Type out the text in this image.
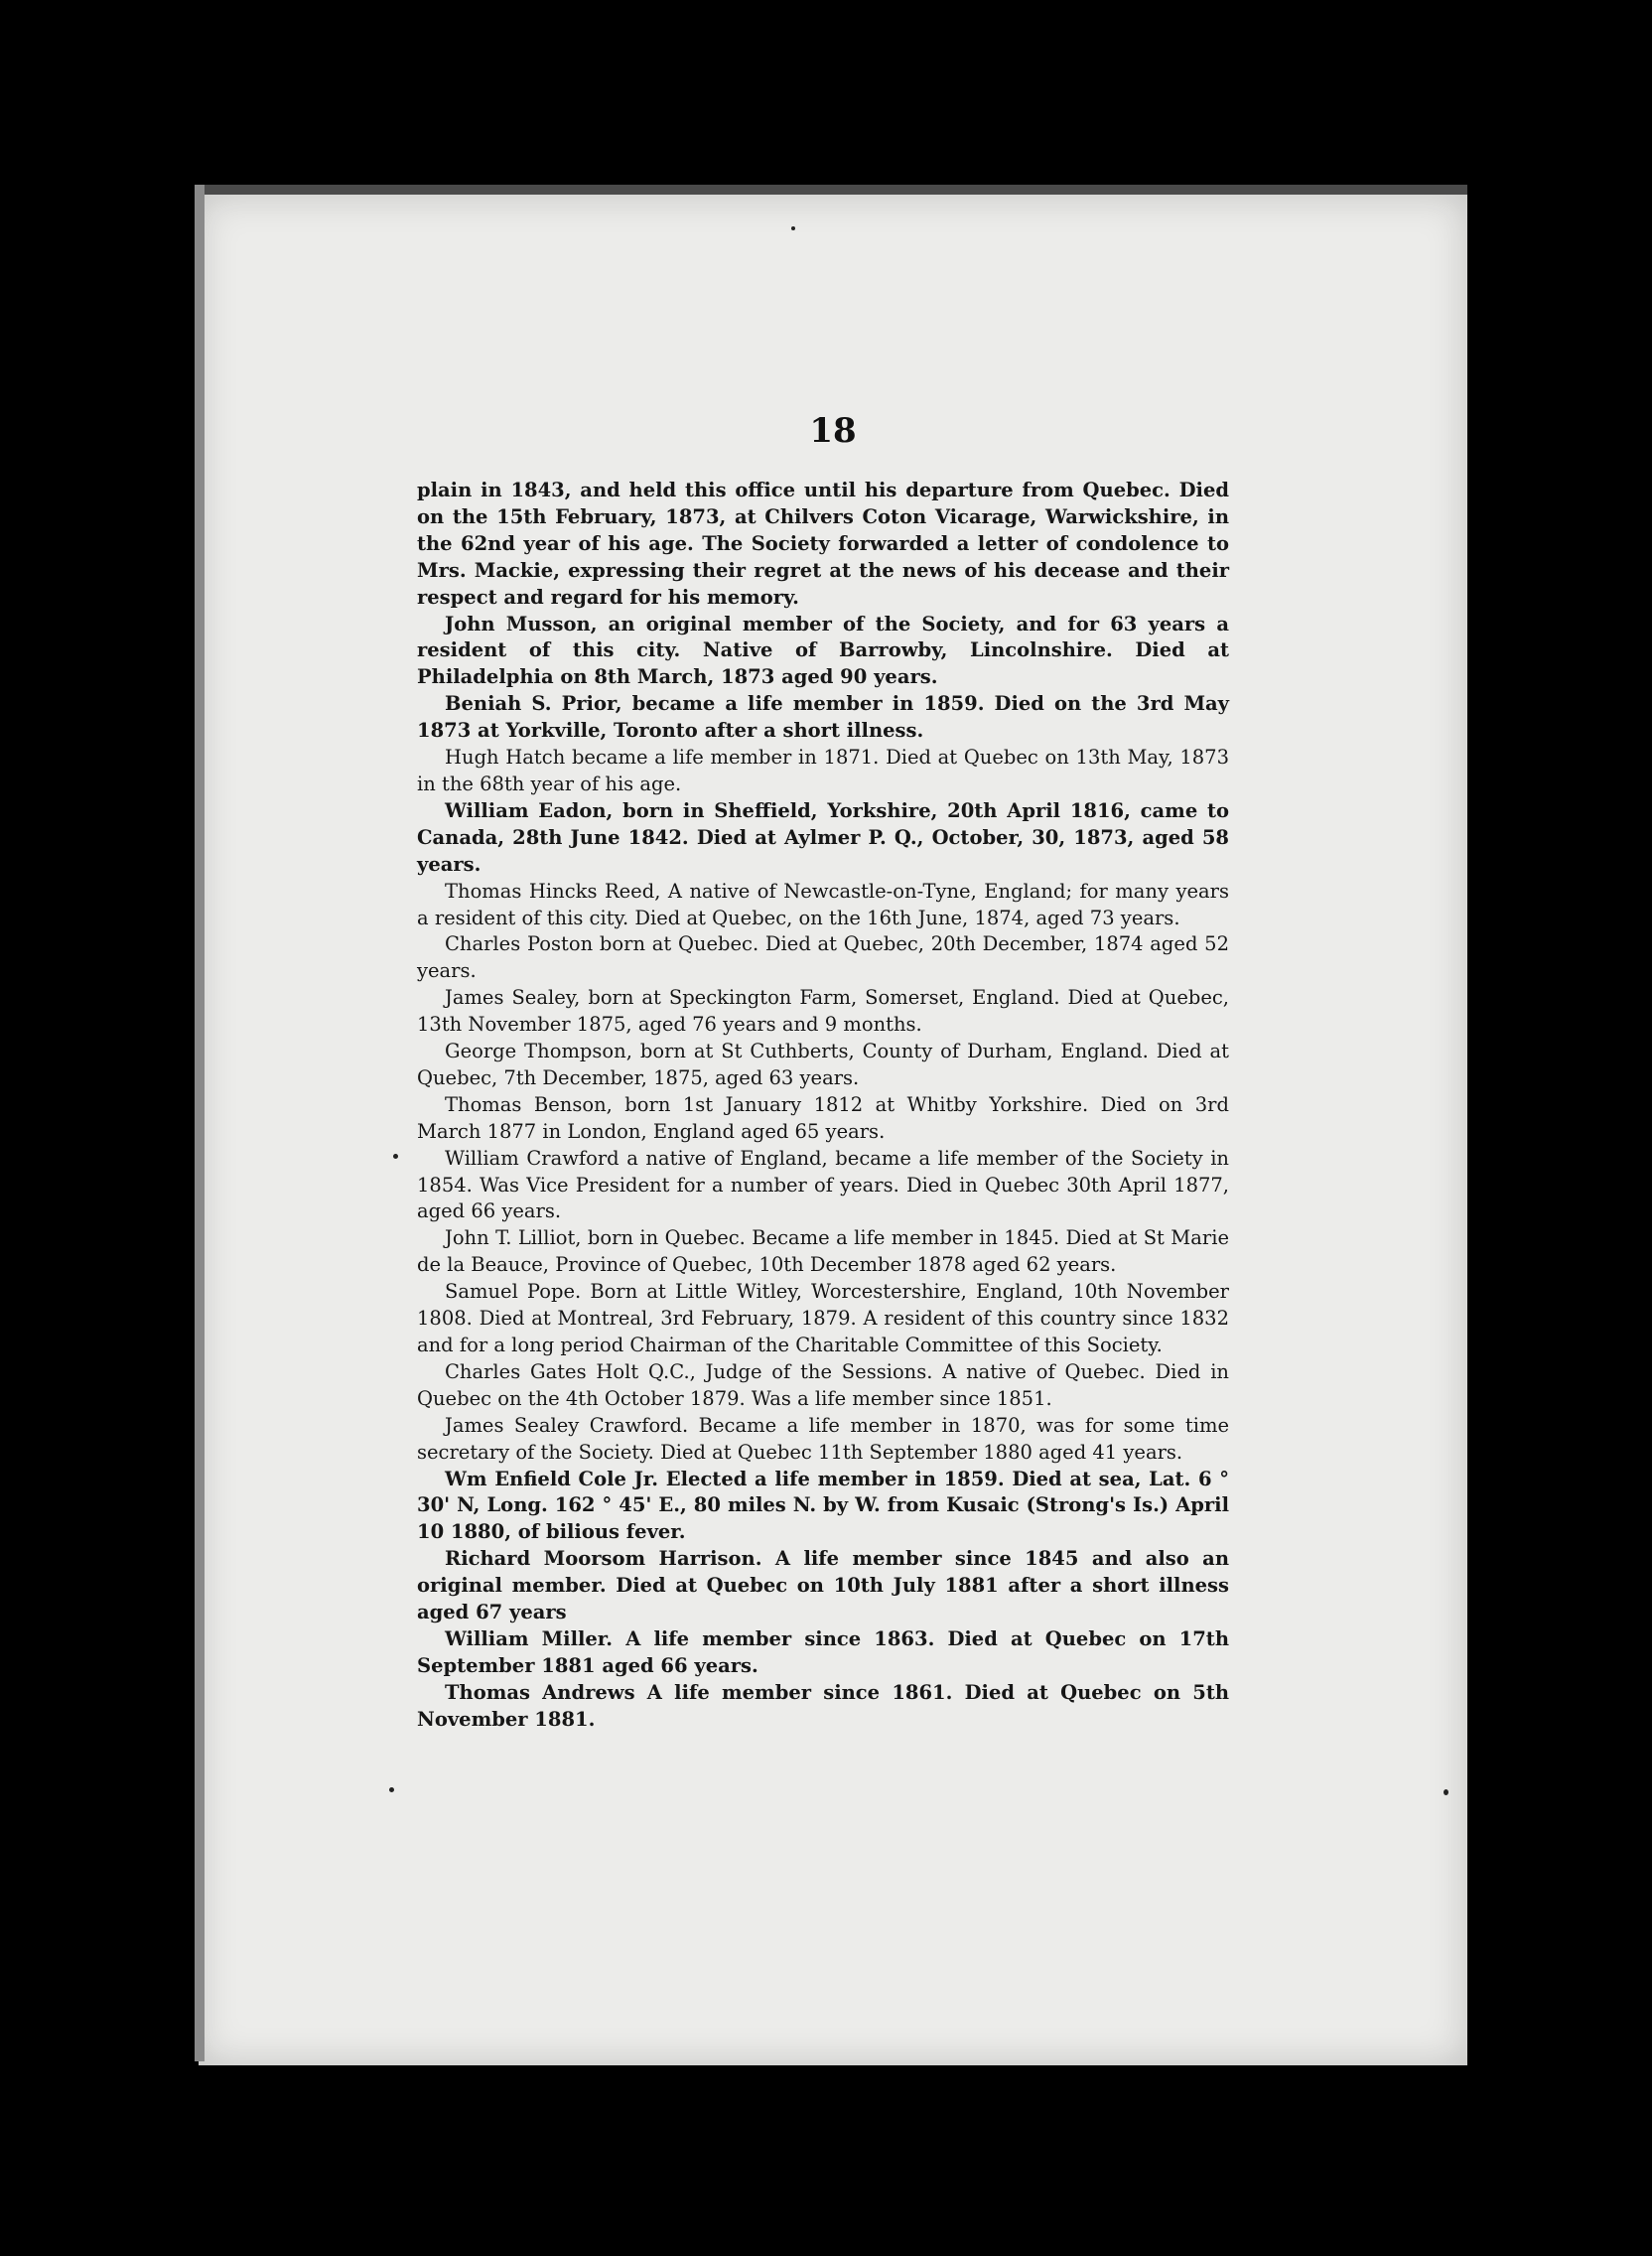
18

plain in 1843, and held this office until his departure from Quebec. Died on the 15th February, 1873, at Chilvers Coton Vicarage, Warwickshire, in the 62nd year of his age. The Society forwarded a letter of condolence to Mrs. Mackie, expressing their regret at the news of his decease and their respect and regard for his memory.

John Musson, an original member of the Society, and for 63 years a resident of this city. Native of Barrowby, Lincolnshire. Died at Philadelphia on 8th March, 1873 aged 90 years.

Beniah S. Prior, became a life member in 1859. Died on the 3rd May 1873 at Yorkville, Toronto after a short illness.

Hugh Hatch became a life member in 1871. Died at Quebec on 13th May, 1873 in the 68th year of his age.

William Eadon, born in Sheffield, Yorkshire, 20th April 1816, came to Canada, 28th June 1842. Died at Aylmer P. Q., October, 30, 1873, aged 58 years.

Thomas Hincks Reed, A native of Newcastle-on-Tyne, England; for many years a resident of this city. Died at Quebec, on the 16th June, 1874, aged 73 years.

Charles Poston born at Quebec. Died at Quebec, 20th December, 1874 aged 52 years.

James Sealey, born at Speckington Farm, Somerset, England. Died at Quebec, 13th November 1875, aged 76 years and 9 months.

George Thompson, born at St Cuthberts, County of Durham, England. Died at Quebec, 7th December, 1875, aged 63 years.

Thomas Benson, born 1st January 1812 at Whitby Yorkshire. Died on 3rd March 1877 in London, England aged 65 years.

William Crawford a native of England, became a life member of the Society in 1854. Was Vice President for a number of years. Died in Quebec 30th April 1877, aged 66 years.

John T. Lilliot, born in Quebec. Became a life member in 1845. Died at St Marie de la Beauce, Province of Quebec, 10th December 1878 aged 62 years.

Samuel Pope. Born at Little Witley, Worcestershire, England, 10th November 1808. Died at Montreal, 3rd February, 1879. A resident of this country since 1832 and for a long period Chairman of the Charitable Committee of this Society.

Charles Gates Holt Q.C., Judge of the Sessions. A native of Quebec. Died in Quebec on the 4th October 1879. Was a life member since 1851.

James Sealey Crawford. Became a life member in 1870, was for some time secretary of the Society. Died at Quebec 11th September 1880 aged 41 years.

Wm Enfield Cole Jr. Elected a life member in 1859. Died at sea, Lat. 6 ° 30' N, Long. 162 ° 45' E., 80 miles N. by W. from Kusaic (Strong's Is.) April 10 1880, of bilious fever.

Richard Moorsom Harrison. A life member since 1845 and also an original member. Died at Quebec on 10th July 1881 after a short illness aged 67 years

William Miller. A life member since 1863. Died at Quebec on 17th September 1881 aged 66 years.

Thomas Andrews A life member since 1861. Died at Quebec on 5th November 1881.
